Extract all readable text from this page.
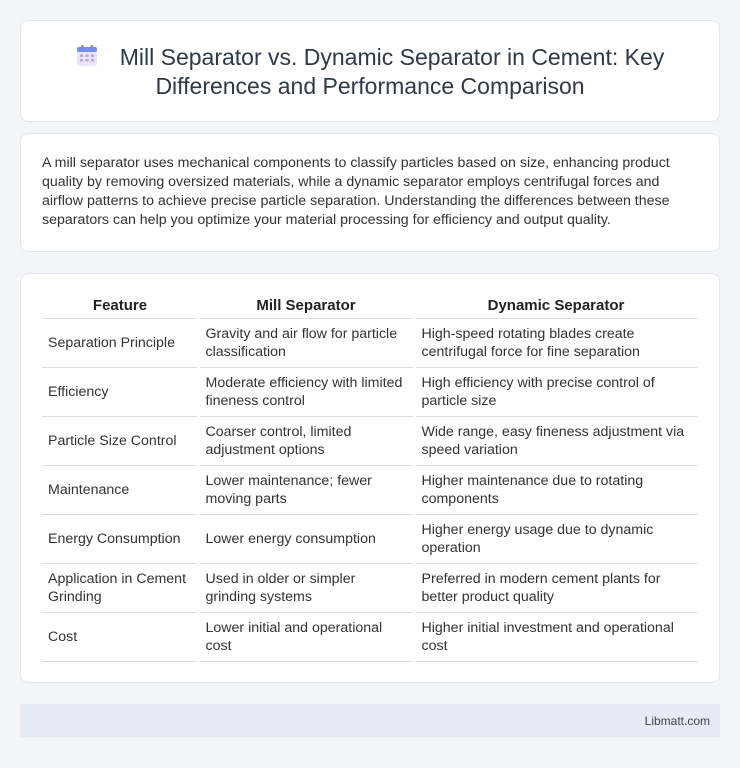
Mill Separator vs. Dynamic Separator in Cement: Key Differences and Performance Comparison

A mill separator uses mechanical components to classify particles based on size, enhancing product quality by removing oversized materials, while a dynamic separator employs centrifugal forces and airflow patterns to achieve precise particle separation. Understanding the differences between these separators can help you optimize your material processing for efficiency and output quality.

Feature	Mill Separator	Dynamic Separator
Separation Principle	Gravity and air flow for particle classification	High-speed rotating blades create centrifugal force for fine separation
Efficiency	Moderate efficiency with limited fineness control	High efficiency with precise control of particle size
Particle Size Control	Coarser control, limited adjustment options	Wide range, easy fineness adjustment via speed variation
Maintenance	Lower maintenance; fewer moving parts	Higher maintenance due to rotating components
Energy Consumption	Lower energy consumption	Higher energy usage due to dynamic operation
Application in Cement Grinding	Used in older or simpler grinding systems	Preferred in modern cement plants for better product quality
Cost	Lower initial and operational cost	Higher initial investment and operational cost
Libmatt.com
